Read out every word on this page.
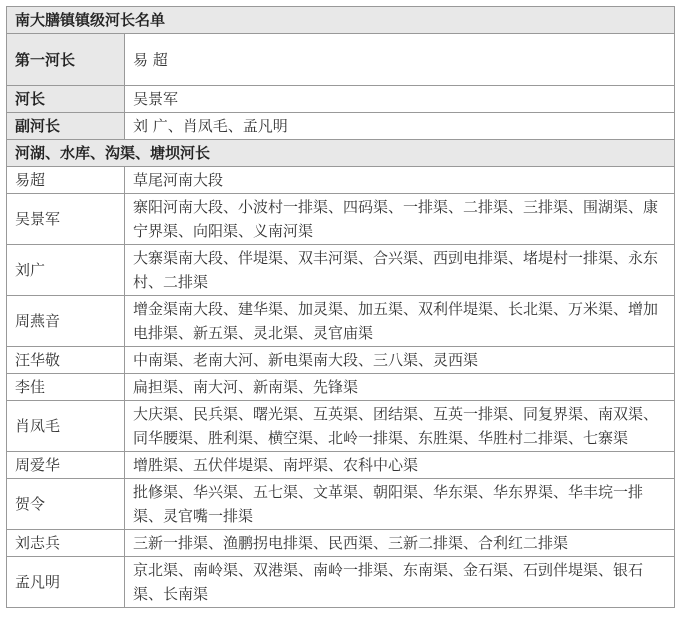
南大膳镇镇级河长名单	
第一河长	易 超
河长	吴景军
副河长	刘 广、肖凤毛、孟凡明
河湖、水库、沟渠、塘坝河长	
易超	草尾河南大段
吴景军	寨阳河南大段、小波村一排渠、四码渠、一排渠、二排渠、三排渠、围湖渠、康宁界渠、向阳渠、义南河渠
刘广	大寨渠南大段、伴堤渠、双丰河渠、合兴渠、西剅电排渠、堵堤村一排渠、永东村、二排渠
周燕音	增金渠南大段、建华渠、加灵渠、加五渠、双利伴堤渠、长北渠、万米渠、增加电排渠、新五渠、灵北渠、灵官庙渠
汪华敬	中南渠、老南大河、新电渠南大段、三八渠、灵西渠
李佳	扁担渠、南大河、新南渠、先锋渠
肖凤毛	大庆渠、民兵渠、曙光渠、互英渠、团结渠、互英一排渠、同复界渠、南双渠、同华腰渠、胜利渠、横空渠、北岭一排渠、东胜渠、华胜村二排渠、七寨渠
周爱华	增胜渠、五伏伴堤渠、南坪渠、农科中心渠
贺令	批修渠、华兴渠、五七渠、文革渠、朝阳渠、华东渠、华东界渠、华丰垸一排渠、灵官嘴一排渠
刘志兵	三新一排渠、渔鹏拐电排渠、民西渠、三新二排渠、合利红二排渠
孟凡明	京北渠、南岭渠、双港渠、南岭一排渠、东南渠、金石渠、石剅伴堤渠、银石渠、长南渠
